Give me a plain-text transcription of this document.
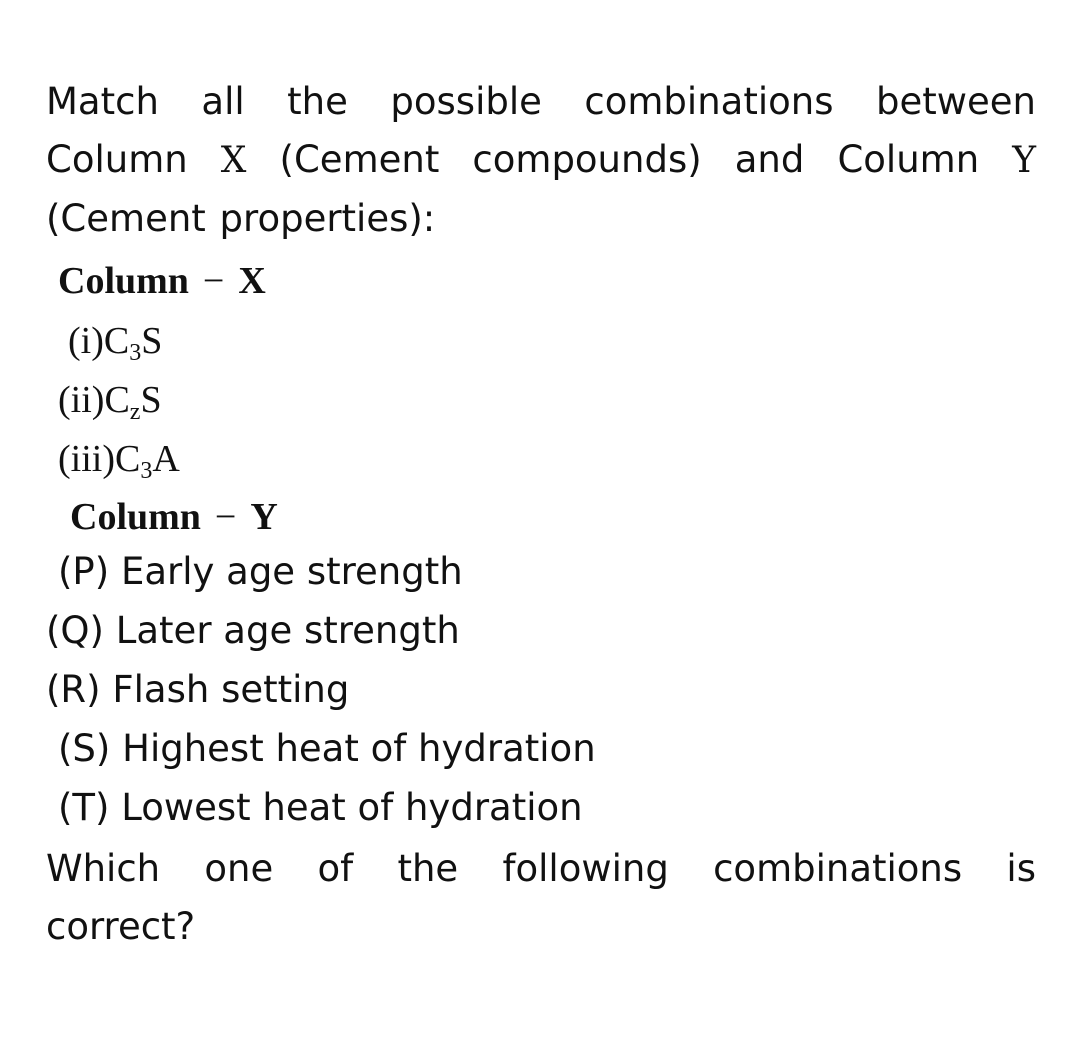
Match all the possible combinations between
Column X (Cement compounds) and Column Y
(Cement properties):
Column − X
$(i)C_3S$
$(ii)C_zS$
$(iii)C_3A$
Column − Y
(P) Early age strength
(Q) Later age strength
(R) Flash setting
(S) Highest heat of hydration
(T) Lowest heat of hydration
Which one of the following combinations is
correct?
